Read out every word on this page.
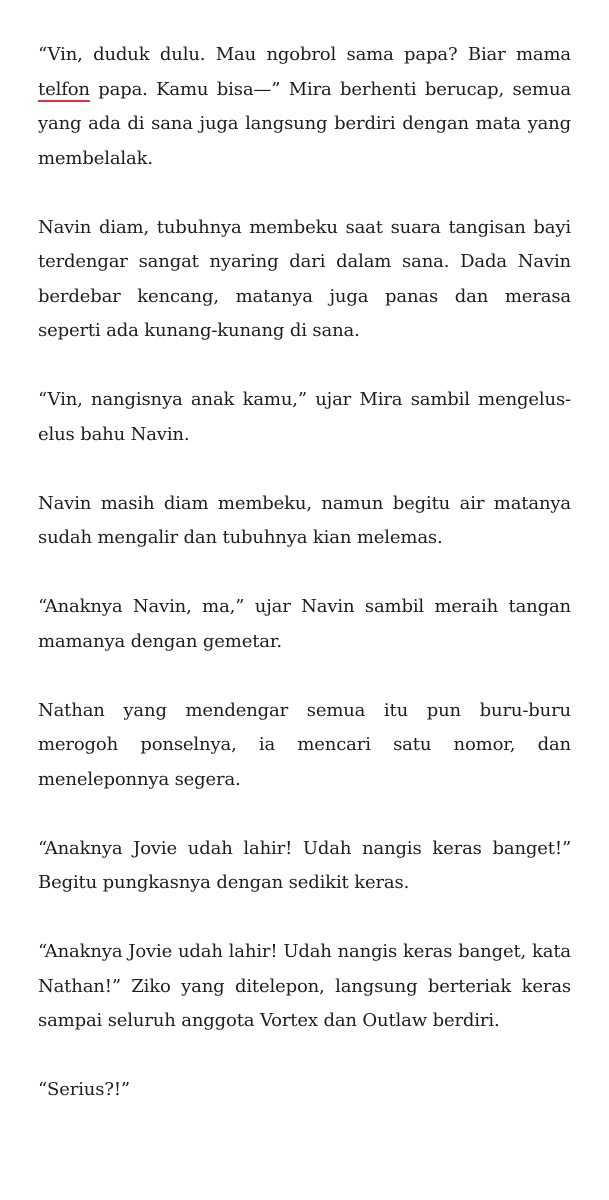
“Vin, duduk dulu. Mau ngobrol sama papa? Biar mama telfon papa. Kamu bisa—” Mira berhenti berucap, semua yang ada di sana juga langsung berdiri dengan mata yang membelalak.

Navin diam, tubuhnya membeku saat suara tangisan bayi terdengar sangat nyaring dari dalam sana. Dada Navin berdebar kencang, matanya juga panas dan merasa seperti ada kunang-kunang di sana.

“Vin, nangisnya anak kamu,” ujar Mira sambil mengelus-elus bahu Navin.

Navin masih diam membeku, namun begitu air matanya sudah mengalir dan tubuhnya kian melemas.

“Anaknya Navin, ma,” ujar Navin sambil meraih tangan mamanya dengan gemetar.

Nathan yang mendengar semua itu pun buru-buru merogoh ponselnya, ia mencari satu nomor, dan meneleponnya segera.

“Anaknya Jovie udah lahir! Udah nangis keras banget!” Begitu pungkasnya dengan sedikit keras.

“Anaknya Jovie udah lahir! Udah nangis keras banget, kata Nathan!” Ziko yang ditelepon, langsung berteriak keras sampai seluruh anggota Vortex dan Outlaw berdiri.

“Serius?!”
